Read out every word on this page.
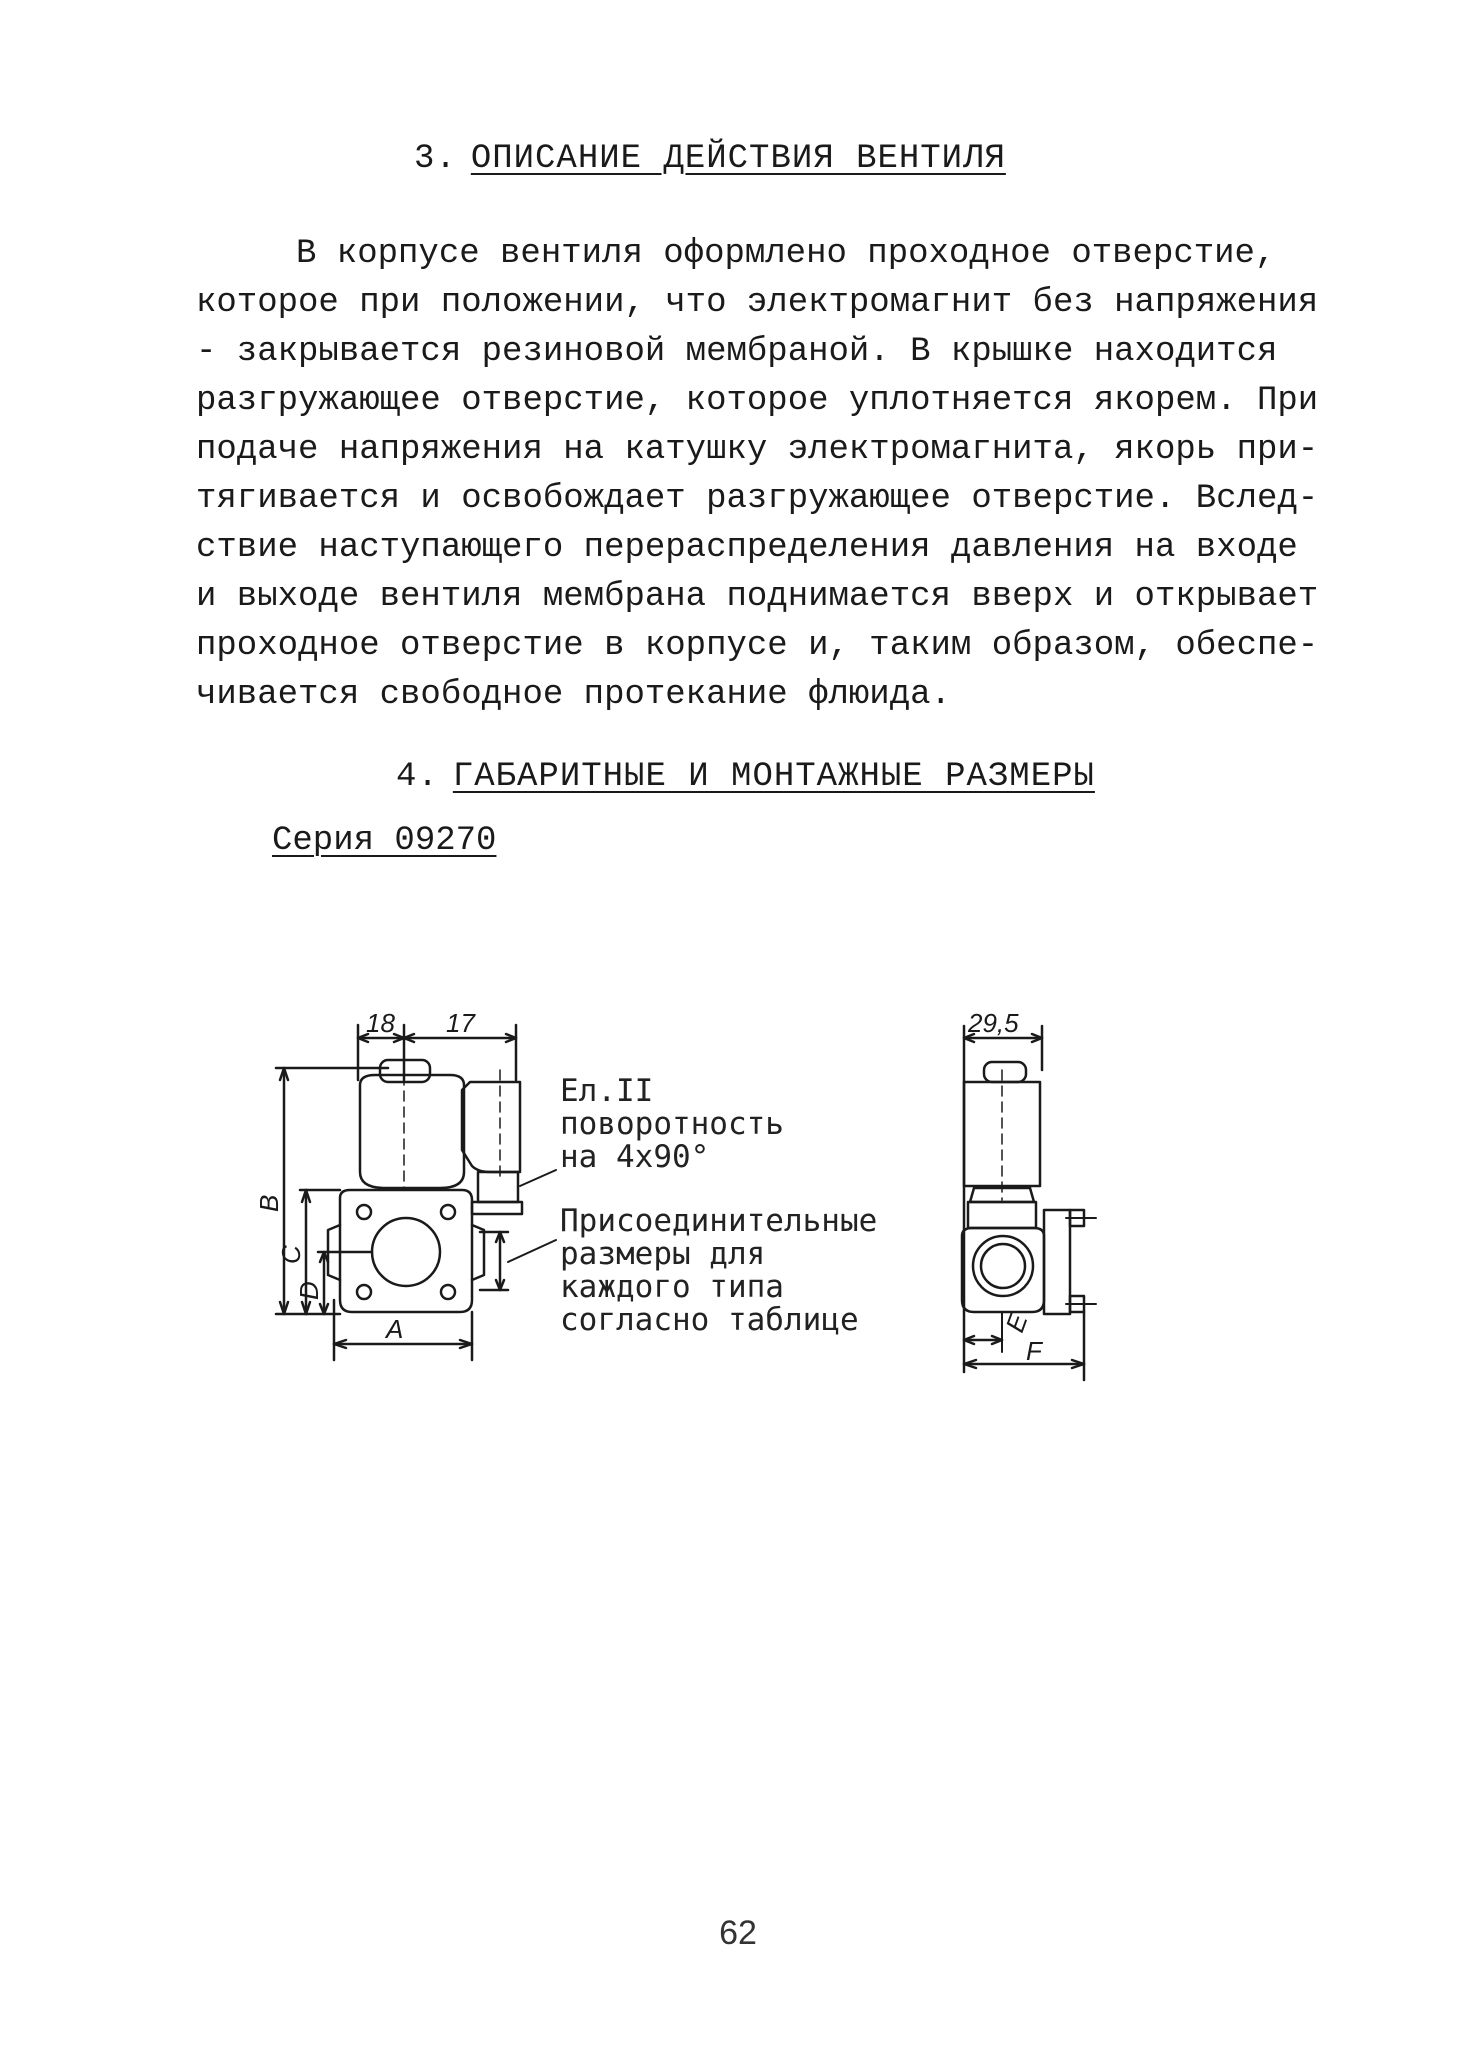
3. ОПИСАНИЕ ДЕЙСТВИЯ ВЕНТИЛЯ
В корпусе вентиля оформлено проходное отверстие,
которое при положении, что электромагнит без напряжения
- закрывается резиновой мембраной. В крышке находится
разгружающее отверстие, которое уплотняется якорем. При
подаче напряжения на катушку электромагнита, якорь при-
тягивается и освобождает разгружающее отверстие. Вслед-
ствие наступающего перераспределения давления на входе
и выходе вентиля мембрана поднимается вверх и открывает
проходное отверстие в корпусе и, таким образом, обеспе-
чивается свободное протекание флюида.
4. ГАБАРИТНЫЕ И МОНТАЖНЫЕ РАЗМЕРЫ
Серия 09270
18 17
B
C
D
A
29,5
E
F
Ел.II
поворотность
на 4x90°
Присоединительные
размеры для
каждого типа
согласно таблице
62
